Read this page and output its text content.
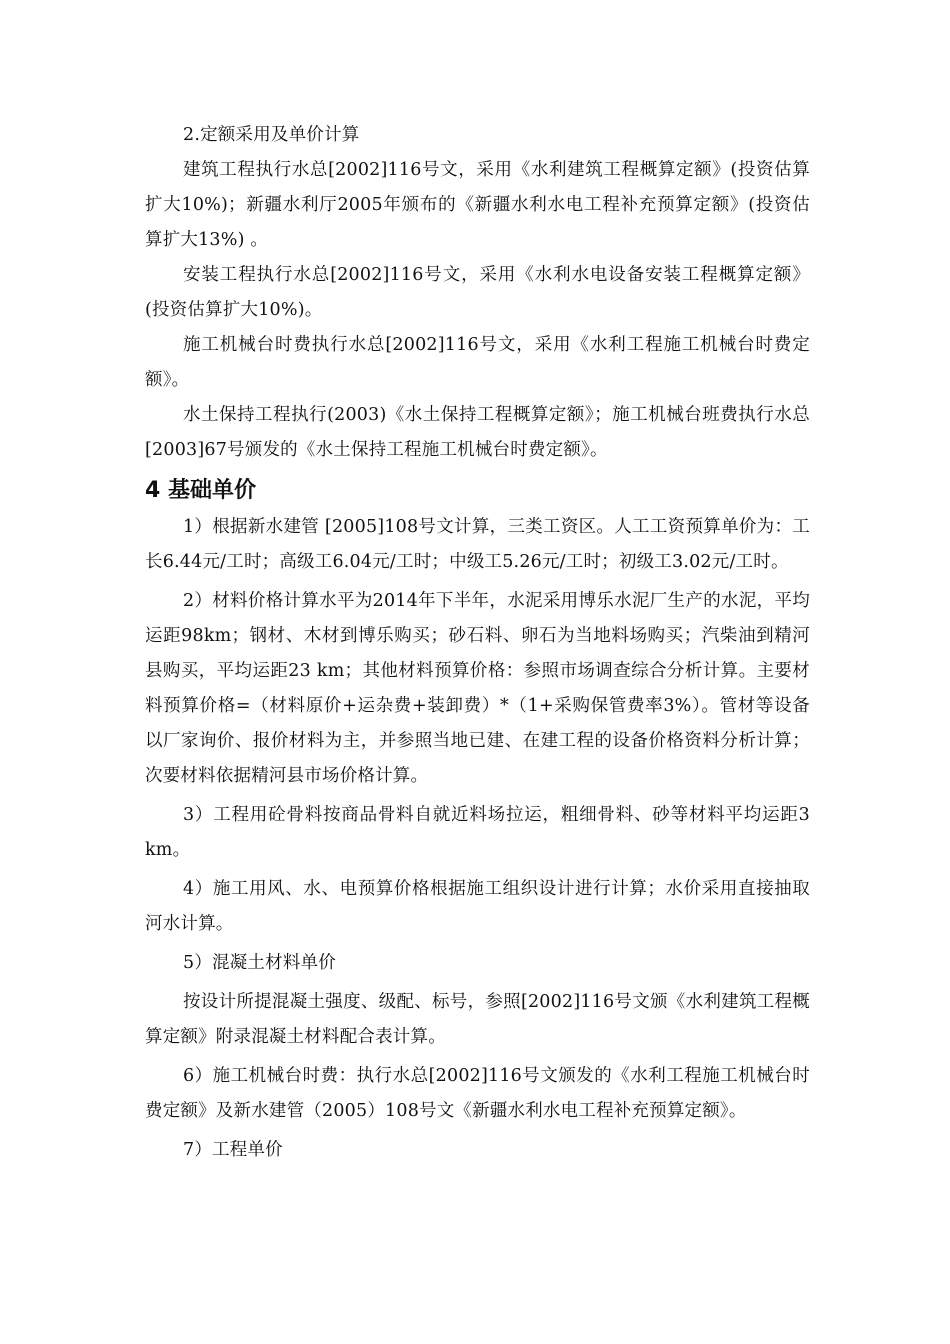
2.定额采用及单价计算

建筑工程执行水总[2002]116号文，采用《水利建筑工程概算定额》(投资估算扩大10%)；新疆水利厅2005年颁布的《新疆水利水电工程补充预算定额》(投资估算扩大13%) 。

安装工程执行水总[2002]116号文，采用《水利水电设备安装工程概算定额》(投资估算扩大10%)。

施工机械台时费执行水总[2002]116号文，采用《水利工程施工机械台时费定额》。

水土保持工程执行(2003)《水土保持工程概算定额》；施工机械台班费执行水总[2003]67号颁发的《水土保持工程施工机械台时费定额》。

4 基础单价

1）根据新水建管 [2005]108号文计算，三类工资区。人工工资预算单价为：工长6.44元/工时；高级工6.04元/工时；中级工5.26元/工时；初级工3.02元/工时。

2）材料价格计算水平为2014年下半年，水泥采用博乐水泥厂生产的水泥，平均运距98km；钢材、木材到博乐购买；砂石料、卵石为当地料场购买；汽柴油到精河县购买，平均运距23 km；其他材料预算价格：参照市场调查综合分析计算。主要材料预算价格=（材料原价+运杂费+装卸费）*（1+采购保管费率3%）。管材等设备以厂家询价、报价材料为主，并参照当地已建、在建工程的设备价格资料分析计算；次要材料依据精河县市场价格计算。

3）工程用砼骨料按商品骨料自就近料场拉运，粗细骨料、砂等材料平均运距3 km。

4）施工用风、水、电预算价格根据施工组织设计进行计算；水价采用直接抽取河水计算。

5）混凝土材料单价

按设计所提混凝土强度、级配、标号，参照[2002]116号文颁《水利建筑工程概算定额》附录混凝土材料配合表计算。

6）施工机械台时费：执行水总[2002]116号文颁发的《水利工程施工机械台时费定额》及新水建管（2005）108号文《新疆水利水电工程补充预算定额》。

7）工程单价
